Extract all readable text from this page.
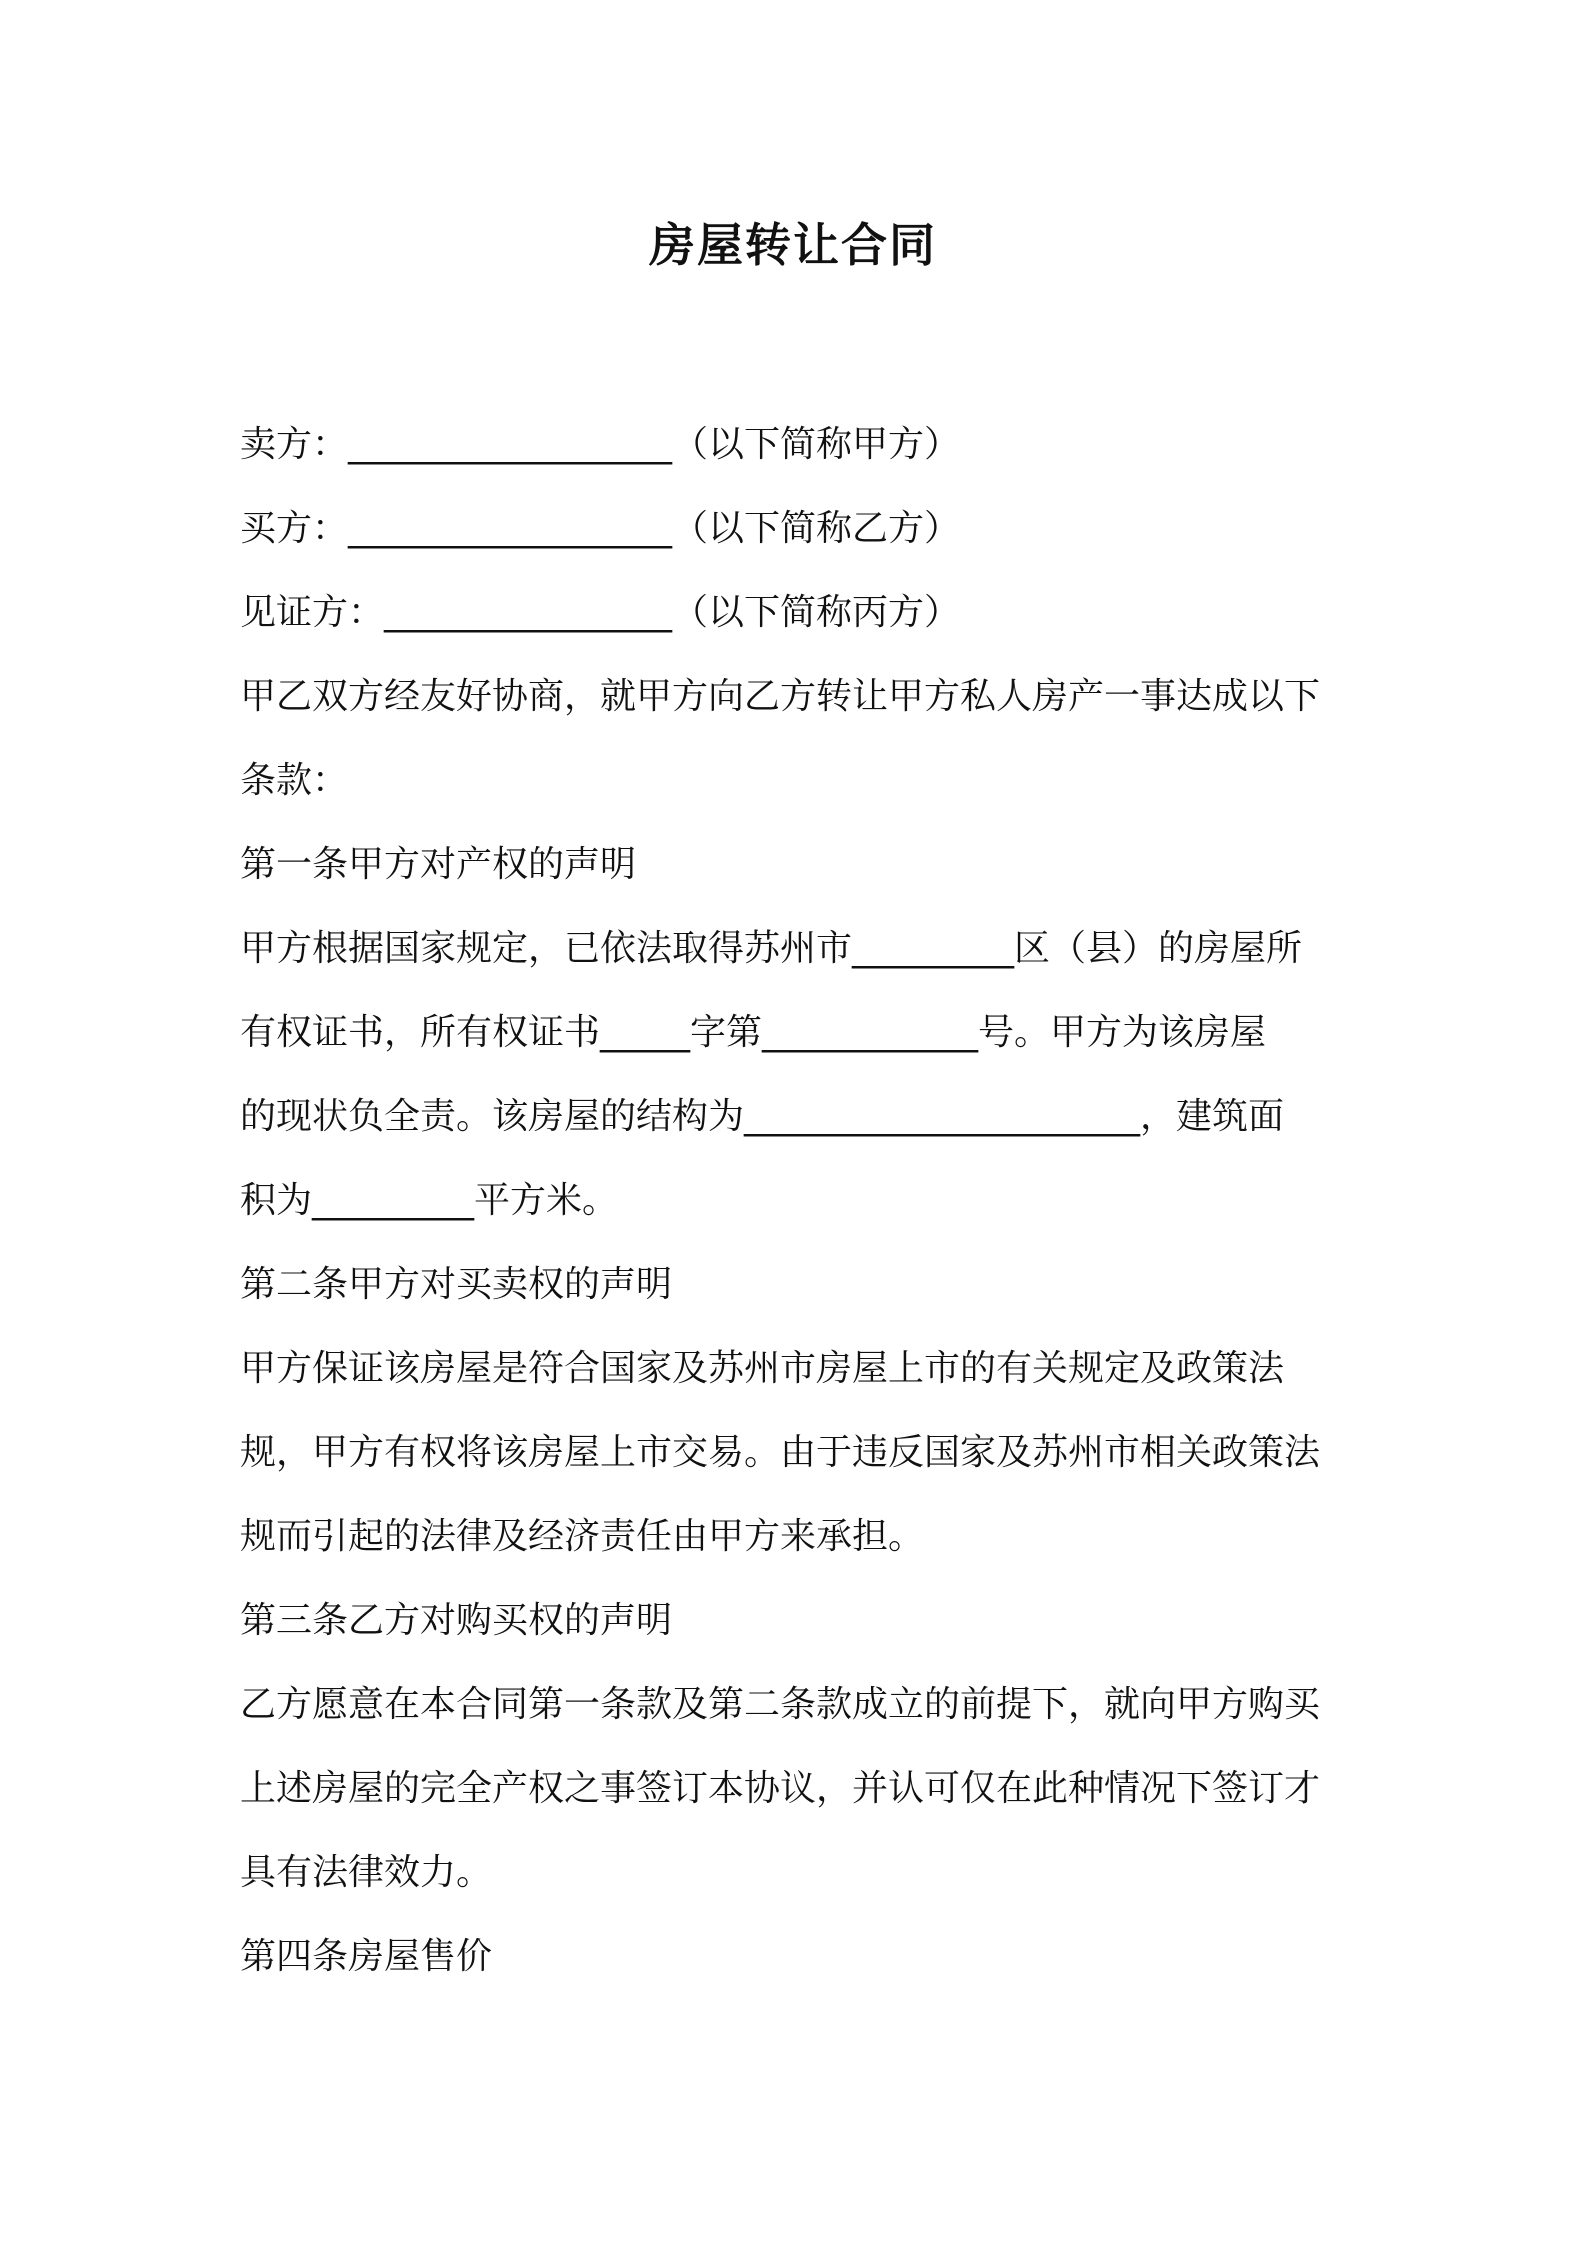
房屋转让合同
卖方：__________________（以下简称甲方）
买方：__________________（以下简称乙方）
见证方：________________（以下简称丙方）
甲乙双方经友好协商，就甲方向乙方转让甲方私人房产一事达成以下
条款：
第一条甲方对产权的声明
甲方根据国家规定，已依法取得苏州市_________区（县）的房屋所
有权证书，所有权证书_____字第____________号。甲方为该房屋
的现状负全责。该房屋的结构为______________________，建筑面
积为_________平方米。
第二条甲方对买卖权的声明
甲方保证该房屋是符合国家及苏州市房屋上市的有关规定及政策法
规，甲方有权将该房屋上市交易。由于违反国家及苏州市相关政策法
规而引起的法律及经济责任由甲方来承担。
第三条乙方对购买权的声明
乙方愿意在本合同第一条款及第二条款成立的前提下，就向甲方购买
上述房屋的完全产权之事签订本协议，并认可仅在此种情况下签订才
具有法律效力。
第四条房屋售价
